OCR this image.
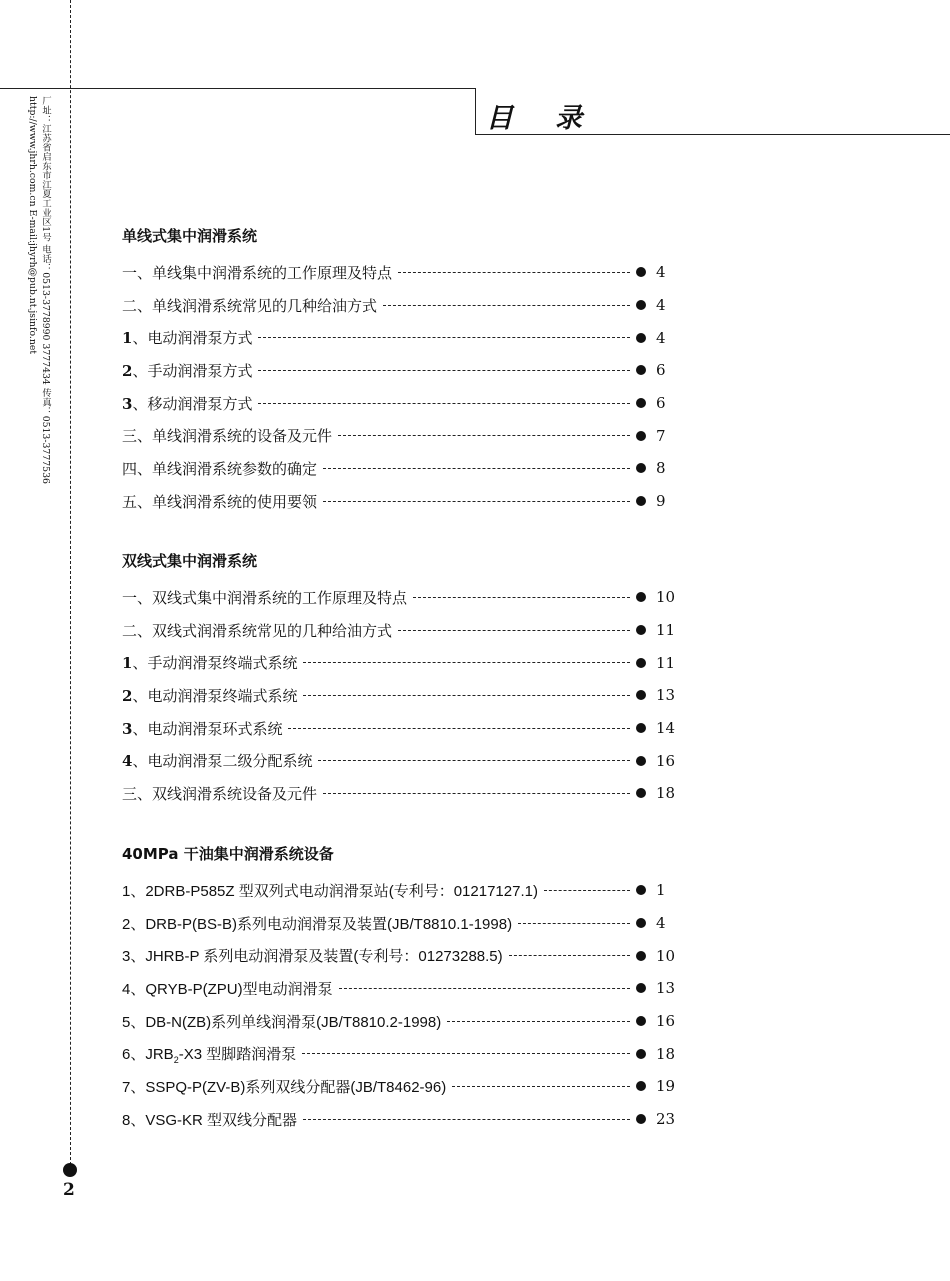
目录
厂址：江苏省启东市江夏工业区1号 电话：0513-3778990 3777434 传真：0513-3777536
http://www.jhrh.com.cn E-mail:jhyrh@pub.nt.jsinfo.net
2
单线式集中润滑系统
一、单线集中润滑系统的工作原理及特点	4
二、单线润滑系统常见的几种给油方式	4
1、电动润滑泵方式	4
2、手动润滑泵方式	6
3、移动润滑泵方式	6
三、单线润滑系统的设备及元件	7
四、单线润滑系统参数的确定	8
五、单线润滑系统的使用要领	9
双线式集中润滑系统
一、双线式集中润滑系统的工作原理及特点	10
二、双线式润滑系统常见的几种给油方式	11
1、手动润滑泵终端式系统	11
2、电动润滑泵终端式系统	13
3、电动润滑泵环式系统	14
4、电动润滑泵二级分配系统	16
三、双线润滑系统设备及元件	18
40MPa 干油集中润滑系统设备
1、2DRB-P585Z 型双列式电动润滑泵站(专利号：01217127.1)	1
2、DRB-P(BS-B)系列电动润滑泵及装置(JB/T8810.1-1998)	4
3、JHRB-P 系列电动润滑泵及装置(专利号：01273288.5)	10
4、QRYB-P(ZPU)型电动润滑泵	13
5、DB-N(ZB)系列单线润滑泵(JB/T8810.2-1998)	16
6、$JRB_2-X3$ 型脚踏润滑泵	18
7、SSPQ-P(ZV-B)系列双线分配器(JB/T8462-96)	19
8、VSG-KR 型双线分配器	23
